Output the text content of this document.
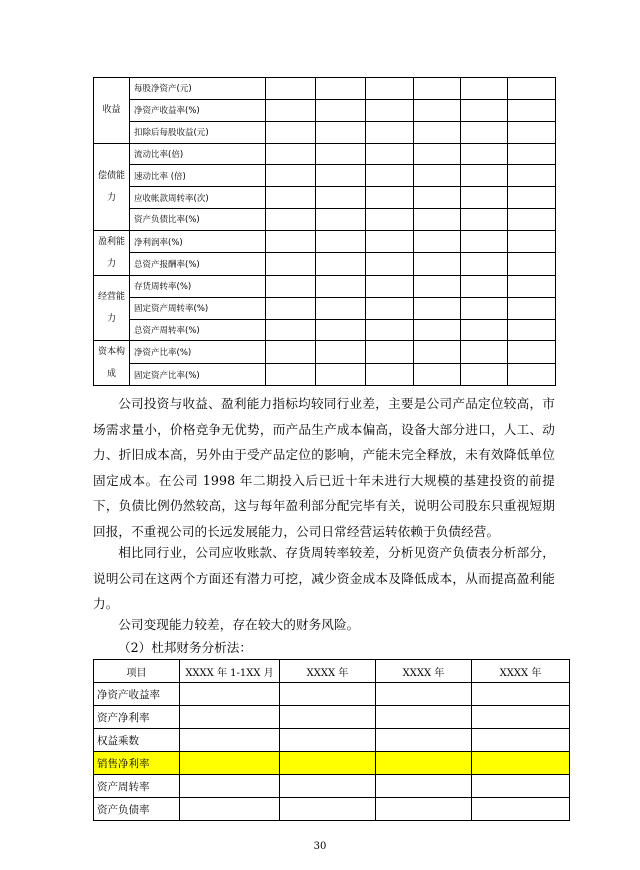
收益	每股净资产(元)						
	净资产收益率(%)						
	扣除后每股收益(元)						
偿债能力	流动比率(倍)						
	速动比率 (倍)						
	应收帐款周转率(次)						
	资产负债比率(%)						
盈利能力	净利润率(%)						
	总资产报酬率(%)						
经营能力	存货周转率(%)						
	固定资产周转率(%)						
	总资产周转率(%)						
资本构成	净资产比率(%)						
	固定资产比率(%)						

公司投资与收益、盈利能力指标均较同行业差，主要是公司产品定位较高，市场需求量小，价格竞争无优势，而产品生产成本偏高，设备大部分进口，人工、动力、折旧成本高，另外由于受产品定位的影响，产能未完全释放，未有效降低单位固定成本。在公司 1998 年二期投入后已近十年未进行大规模的基建投资的前提下，负债比例仍然较高，这与每年盈利部分配完毕有关，说明公司股东只重视短期回报，不重视公司的长远发展能力，公司日常经营运转依赖于负债经营。

相比同行业，公司应收账款、存货周转率较差，分析见资产负债表分析部分，说明公司在这两个方面还有潜力可挖，减少资金成本及降低成本，从而提高盈利能力。

公司变现能力较差，存在较大的财务风险。

（2）杜邦财务分析法：

项目	XXXX 年 1-1XX 月	XXXX 年	XXXX 年	XXXX 年
净资产收益率				
资产净利率				
权益乘数				
销售净利率				
资产周转率				
资产负债率				
30
